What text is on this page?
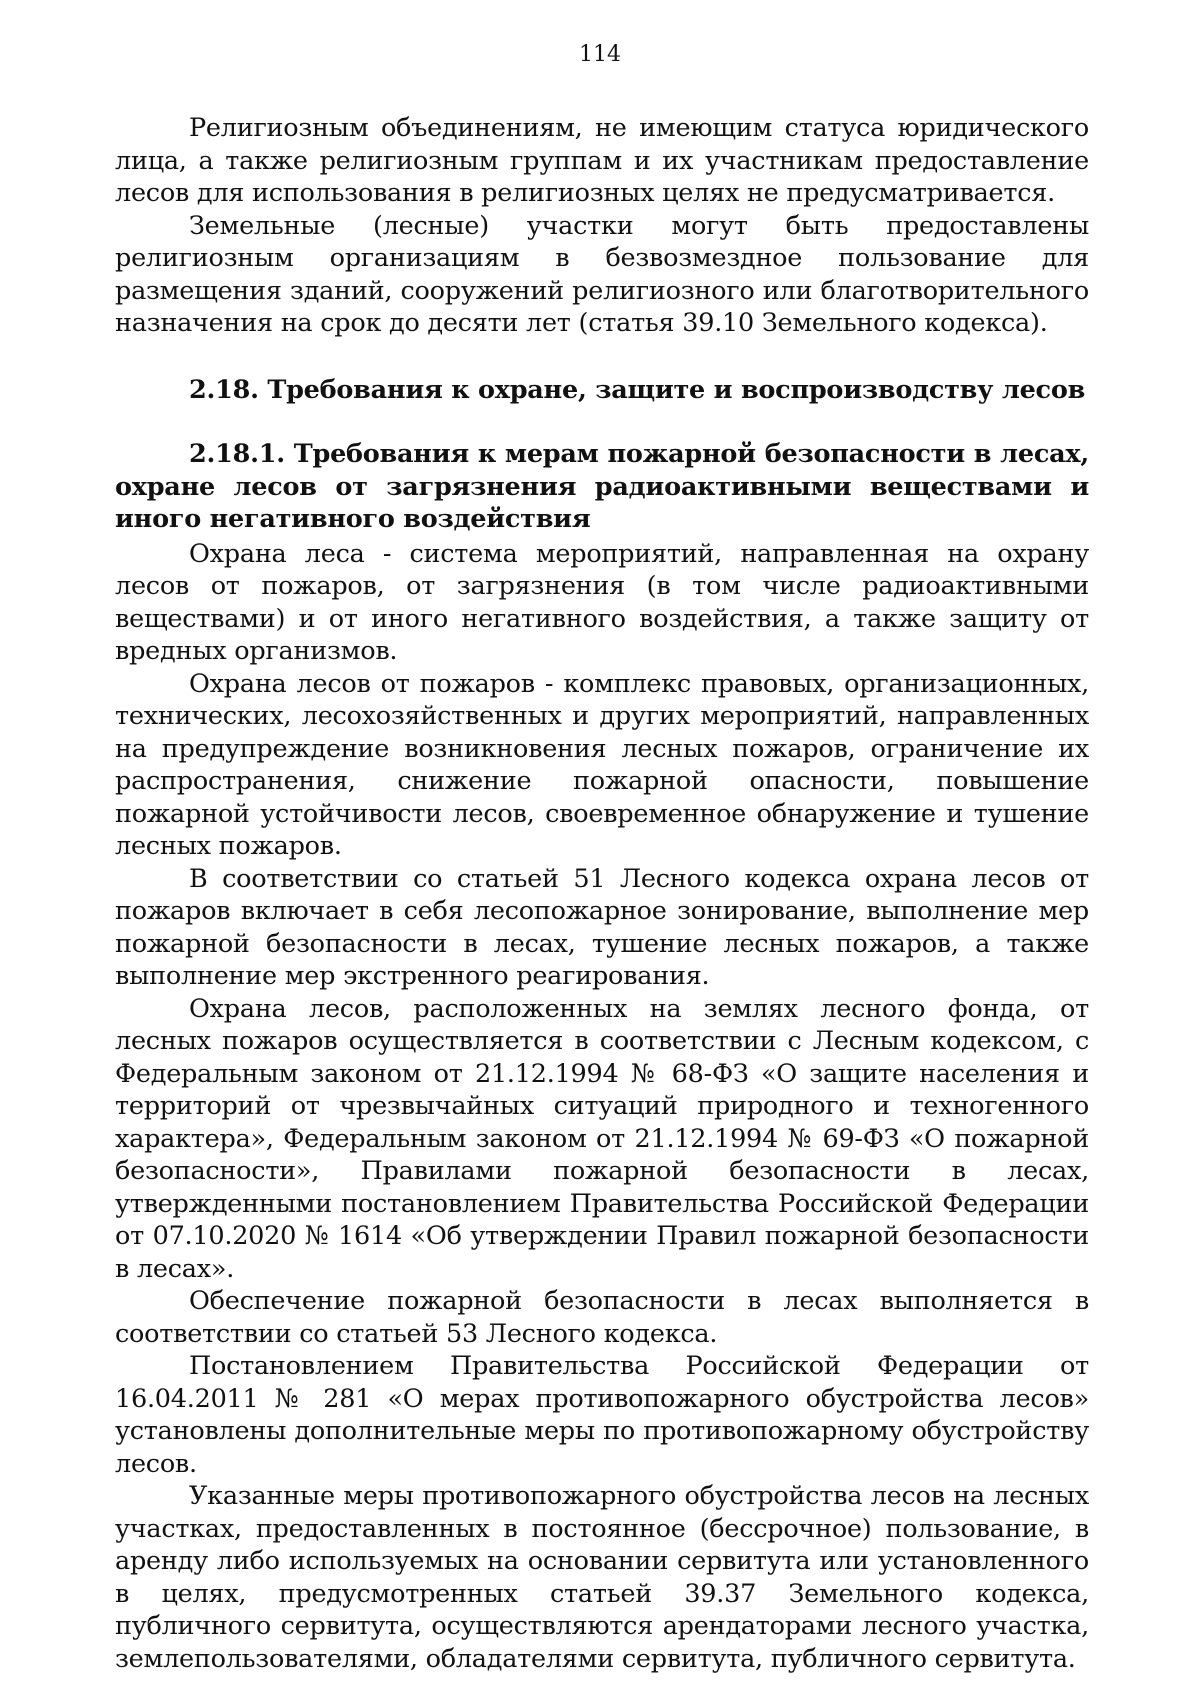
114

Религиозным объединениям, не имеющим статуса юридического лица, а также религиозным группам и их участникам предоставление лесов для использования в религиозных целях не предусматривается.

Земельные (лесные) участки могут быть предоставлены религиозным организациям в безвозмездное пользование для размещения зданий, сооружений религиозного или благотворительного назначения на срок до десяти лет (статья 39.10 Земельного кодекса).

2.18. Требования к охране, защите и воспроизводству лесов

2.18.1. Требования к мерам пожарной безопасности в лесах, охране лесов от загрязнения радиоактивными веществами и иного негативного воздействия

Охрана леса - система мероприятий, направленная на охрану лесов от пожаров, от загрязнения (в том числе радиоактивными веществами) и от иного негативного воздействия, а также защиту от вредных организмов.

Охрана лесов от пожаров - комплекс правовых, организационных, технических, лесохозяйственных и других мероприятий, направленных на предупреждение возникновения лесных пожаров, ограничение их распространения, снижение пожарной опасности, повышение пожарной устойчивости лесов, своевременное обнаружение и тушение лесных пожаров.

В соответствии со статьей 51 Лесного кодекса охрана лесов от пожаров включает в себя лесопожарное зонирование, выполнение мер пожарной безопасности в лесах, тушение лесных пожаров, а также выполнение мер экстренного реагирования.

Охрана лесов, расположенных на землях лесного фонда, от лесных пожаров осуществляется в соответствии с Лесным кодексом, с Федеральным законом от 21.12.1994 № 68-ФЗ «О защите населения и территорий от чрезвычайных ситуаций природного и техногенного характера», Федеральным законом от 21.12.1994 № 69-ФЗ «О пожарной безопасности», Правилами пожарной безопасности в лесах, утвержденными постановлением Правительства Российской Федерации от 07.10.2020 № 1614 «Об утверждении Правил пожарной безопасности в лесах».

Обеспечение пожарной безопасности в лесах выполняется в соответствии со статьей 53 Лесного кодекса.

Постановлением Правительства Российской Федерации от 16.04.2011 № 281 «О мерах противопожарного обустройства лесов» установлены дополнительные меры по противопожарному обустройству лесов.

Указанные меры противопожарного обустройства лесов на лесных участках, предоставленных в постоянное (бессрочное) пользование, в аренду либо используемых на основании сервитута или установленного в целях, предусмотренных статьей 39.37 Земельного кодекса, публичного сервитута, осуществляются арендаторами лесного участка, землепользователями, обладателями сервитута, публичного сервитута.
